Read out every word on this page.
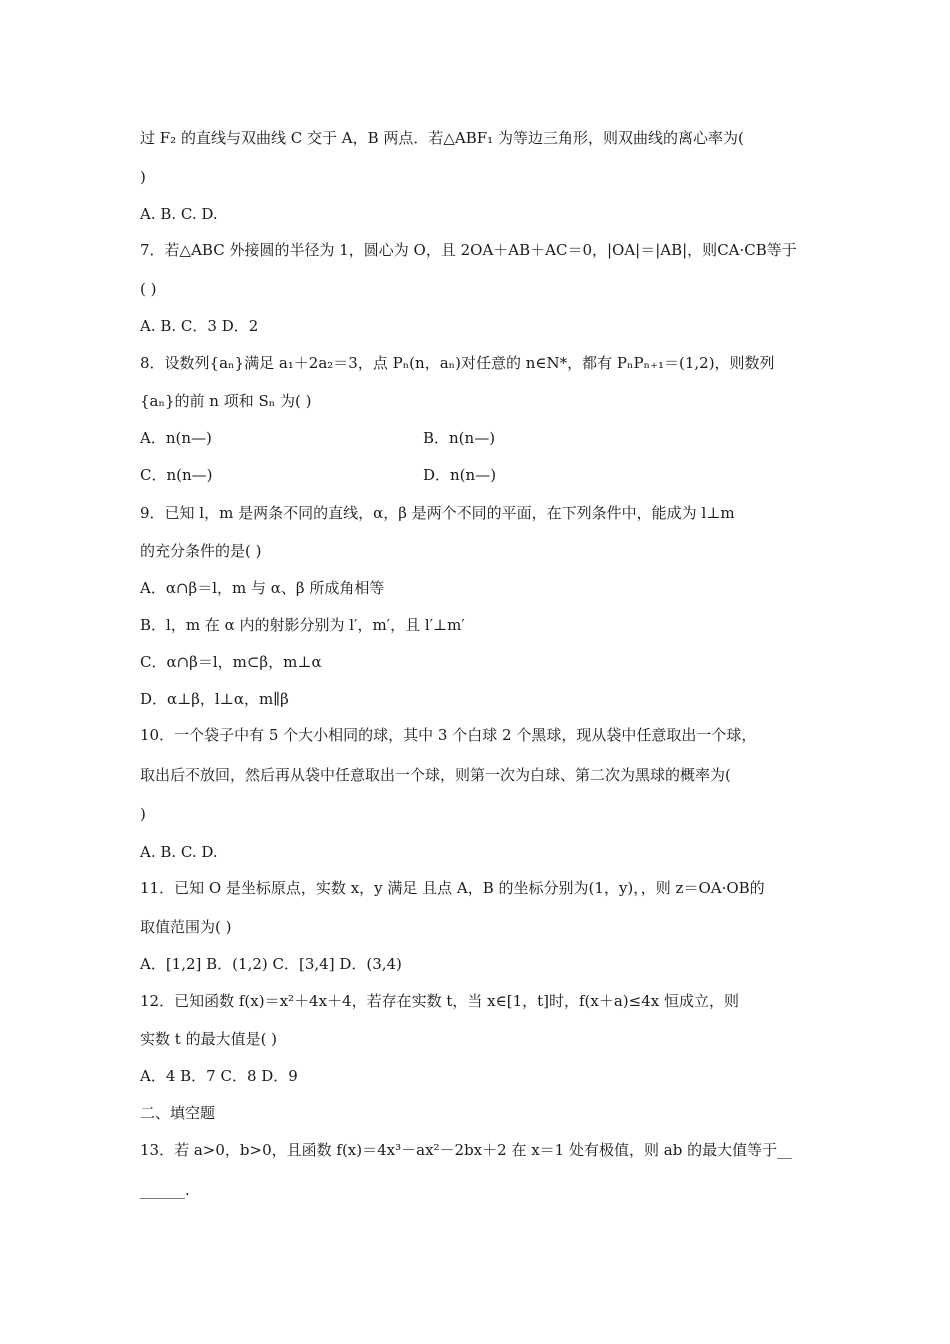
过 F₂ 的直线与双曲线 C 交于 A，B 两点．若△ABF₁ 为等边三角形，则双曲线的离心率为(
)
A. B. C. D.
7．若△ABC 外接圆的半径为 1，圆心为 O，且 2OA＋AB＋AC＝0，|OA|＝|AB|，则CA·CB等于
( )
A. B. C．3 D．2
8．设数列{aₙ}满足 a₁＋2a₂＝3，点 Pₙ(n，aₙ)对任意的 n∈N*，都有 PₙPₙ₊₁＝(1,2)，则数列
{aₙ}的前 n 项和 Sₙ 为( )
A．n(n—)	B．n(n—)
C．n(n—)	D．n(n—)
9．已知 l，m 是两条不同的直线，α，β 是两个不同的平面，在下列条件中，能成为 l⊥m
的充分条件的是( )
A．α∩β＝l，m 与 α、β 所成角相等
B．l，m 在 α 内的射影分别为 l′，m′，且 l′⊥m′
C．α∩β＝l，m⊂β，m⊥α
D．α⊥β，l⊥α，m∥β
10．一个袋子中有 5 个大小相同的球，其中 3 个白球 2 个黑球，现从袋中任意取出一个球，
取出后不放回，然后再从袋中任意取出一个球，则第一次为白球、第二次为黑球的概率为(
)
A. B. C. D.
11．已知 O 是坐标原点，实数 x，y 满足 且点 A，B 的坐标分别为(1，y)，，则 z＝OA·OB的
取值范围为( )
A．[1,2] B．(1,2) C．[3,4] D．(3,4)
12．已知函数 f(x)＝x²＋4x＋4，若存在实数 t，当 x∈[1，t]时，f(x＋a)≤4x 恒成立，则
实数 t 的最大值是( )
A．4 B．7 C．8 D．9
二、填空题
13．若 a>0，b>0，且函数 f(x)＝4x³－ax²－2bx＋2 在 x＝1 处有极值，则 ab 的最大值等于__
______.
